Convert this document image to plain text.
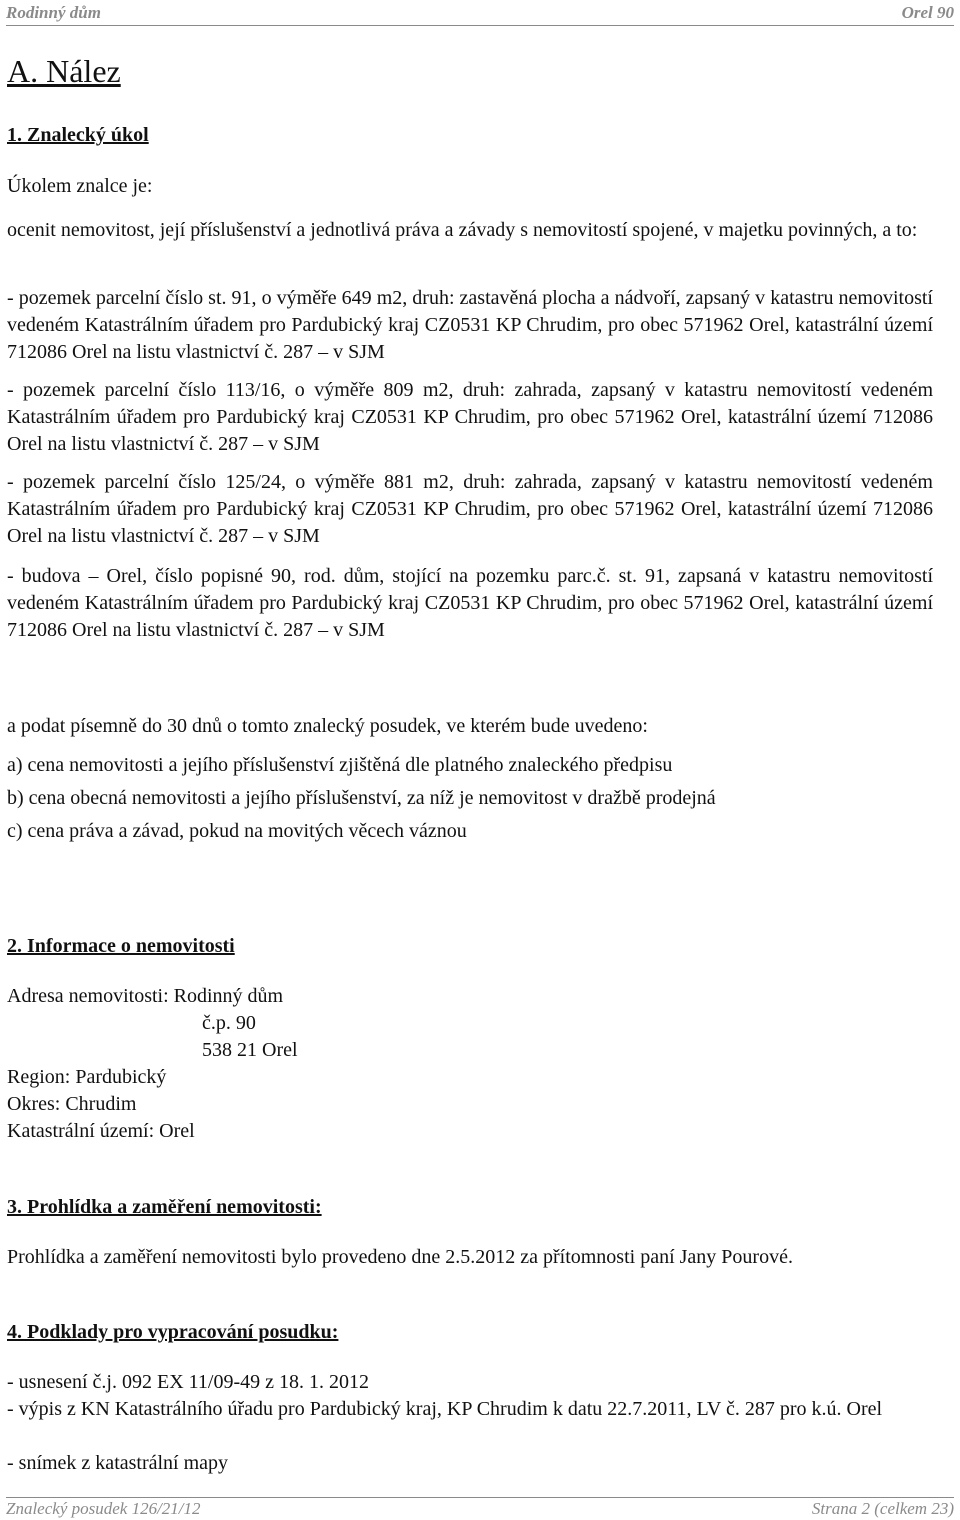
Rodinný dům	Orel 90
A. Nález
1. Znalecký úkol
Úkolem znalce je:
ocenit nemovitost, její příslušenství a jednotlivá práva a závady s nemovitostí spojené, v majetku povinných, a to:
- pozemek parcelní číslo st. 91, o výměře 649 m2, druh: zastavěná plocha a nádvoří, zapsaný v katastru nemovitostí vedeném Katastrálním úřadem pro Pardubický kraj CZ0531 KP Chrudim, pro obec 571962 Orel, katastrální území 712086 Orel na listu vlastnictví č. 287 – v SJM
- pozemek parcelní číslo 113/16, o výměře 809 m2, druh: zahrada, zapsaný v katastru nemovitostí vedeném Katastrálním úřadem pro Pardubický kraj CZ0531 KP Chrudim, pro obec 571962 Orel, katastrální území 712086 Orel na listu vlastnictví č. 287 – v SJM
- pozemek parcelní číslo 125/24, o výměře 881 m2, druh: zahrada, zapsaný v katastru nemovitostí vedeném Katastrálním úřadem pro Pardubický kraj CZ0531 KP Chrudim, pro obec 571962 Orel, katastrální území 712086 Orel na listu vlastnictví č. 287 – v SJM
- budova – Orel, číslo popisné 90, rod. dům, stojící na pozemku parc.č. st. 91, zapsaná v katastru nemovitostí vedeném Katastrálním úřadem pro Pardubický kraj CZ0531 KP Chrudim, pro obec 571962 Orel, katastrální území 712086 Orel na listu vlastnictví č. 287 – v SJM
a podat písemně do 30 dnů o tomto znalecký posudek, ve kterém bude uvedeno:
a) cena nemovitosti a jejího příslušenství zjištěná dle platného znaleckého předpisu
b) cena obecná nemovitosti a jejího příslušenství, za níž je nemovitost v dražbě prodejná
c) cena práva a závad, pokud na movitých věcech váznou
2. Informace o nemovitosti
Adresa nemovitosti: Rodinný dům
č.p. 90
538 21 Orel
Region: Pardubický
Okres: Chrudim
Katastrální území: Orel
3. Prohlídka a zaměření nemovitosti:
Prohlídka a zaměření nemovitosti bylo provedeno dne 2.5.2012 za přítomnosti paní Jany Pourové.
4. Podklady pro vypracování posudku:
- usnesení č.j. 092 EX 11/09-49 z 18. 1. 2012
- výpis z KN Katastrálního úřadu pro Pardubický kraj, KP Chrudim k datu 22.7.2011, LV č. 287 pro k.ú. Orel
- snímek z katastrální mapy
Znalecký posudek 126/21/12	Strana 2 (celkem 23)
